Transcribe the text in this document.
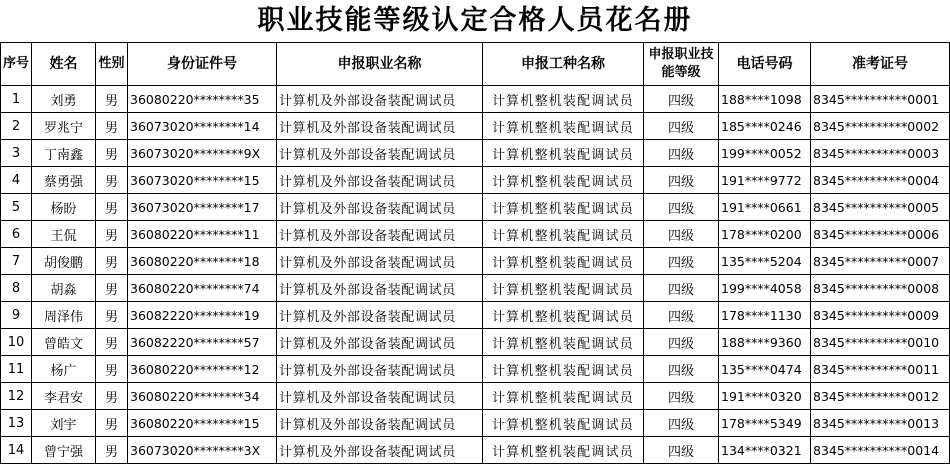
职业技能等级认定合格人员花名册
序号	姓名	性别	身份证件号	申报职业名称	申报工种名称	申报职业技能等级	电话号码	准考证号
1	刘勇	男	36080220********35	计算机及外部设备装配调试员	计算机整机装配调试员	四级	188****1098	8345**********0001
2	罗兆宁	男	36073020********14	计算机及外部设备装配调试员	计算机整机装配调试员	四级	185****0246	8345**********0002
3	丁南鑫	男	36073020********9X	计算机及外部设备装配调试员	计算机整机装配调试员	四级	199****0052	8345**********0003
4	蔡勇强	男	36073020********15	计算机及外部设备装配调试员	计算机整机装配调试员	四级	191****9772	8345**********0004
5	杨盼	男	36073020********17	计算机及外部设备装配调试员	计算机整机装配调试员	四级	191****0661	8345**********0005
6	王侃	男	36080220********11	计算机及外部设备装配调试员	计算机整机装配调试员	四级	178****0200	8345**********0006
7	胡俊鹏	男	36080220********18	计算机及外部设备装配调试员	计算机整机装配调试员	四级	135****5204	8345**********0007
8	胡淼	男	36080220********74	计算机及外部设备装配调试员	计算机整机装配调试员	四级	199****4058	8345**********0008
9	周泽伟	男	36082220********19	计算机及外部设备装配调试员	计算机整机装配调试员	四级	178****1130	8345**********0009
10	曾皓文	男	36082220********57	计算机及外部设备装配调试员	计算机整机装配调试员	四级	188****9360	8345**********0010
11	杨广	男	36080220********12	计算机及外部设备装配调试员	计算机整机装配调试员	四级	135****0474	8345**********0011
12	李君安	男	36080220********34	计算机及外部设备装配调试员	计算机整机装配调试员	四级	191****0320	8345**********0012
13	刘宇	男	36080220********15	计算机及外部设备装配调试员	计算机整机装配调试员	四级	178****5349	8345**********0013
14	曾宁强	男	36073020********3X	计算机及外部设备装配调试员	计算机整机装配调试员	四级	134****0321	8345**********0014
